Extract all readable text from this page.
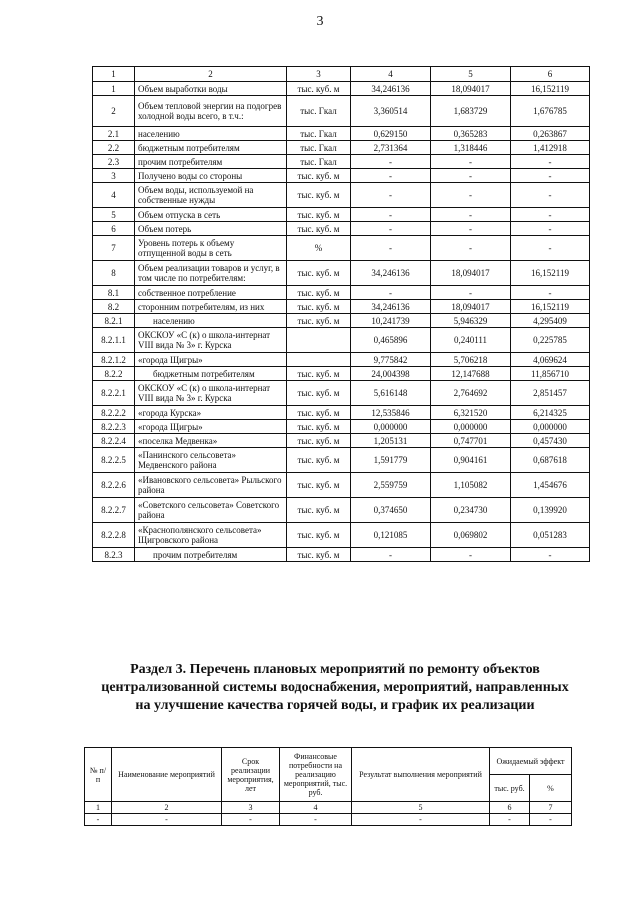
3
1	2	3	4	5	6
1	Объем выработки воды	тыс. куб. м	34,246136	18,094017	16,152119
2	Объем тепловой энергии на подогрев холодной воды всего, в т.ч.:	тыс. Гкал	3,360514	1,683729	1,676785
2.1	населению	тыс. Гкал	0,629150	0,365283	0,263867
2.2	бюджетным потребителям	тыс. Гкал	2,731364	1,318446	1,412918
2.3	прочим потребителям	тыс. Гкал	-	-	-
3	Получено воды со стороны	тыс. куб. м	-	-	-
4	Объем воды, используемой на собственные нужды	тыс. куб. м	-	-	-
5	Объем отпуска в сеть	тыс. куб. м	-	-	-
6	Объем потерь	тыс. куб. м	-	-	-
7	Уровень потерь к объему отпущенной воды в сеть	%	-	-	-
8	Объем реализации товаров и услуг, в том числе по потребителям:	тыс. куб. м	34,246136	18,094017	16,152119
8.1	собственное потребление	тыс. куб. м	-	-	-
8.2	сторонним потребителям, из них	тыс. куб. м	34,246136	18,094017	16,152119
8.2.1	населению	тыс. куб. м	10,241739	5,946329	4,295409
8.2.1.1	ОКСКОУ «С (к) о школа-интернат VIII вида № 3» г. Курска		0,465896	0,240111	0,225785
8.2.1.2	«города Щигры»		9,775842	5,706218	4,069624
8.2.2	бюджетным потребителям	тыс. куб. м	24,004398	12,147688	11,856710
8.2.2.1	ОКСКОУ «С (к) о школа-интернат VIII вида № 3» г. Курска	тыс. куб. м	5,616148	2,764692	2,851457
8.2.2.2	«города Курска»	тыс. куб. м	12,535846	6,321520	6,214325
8.2.2.3	«города Щигры»	тыс. куб. м	0,000000	0,000000	0,000000
8.2.2.4	«поселка Медвенка»	тыс. куб. м	1,205131	0,747701	0,457430
8.2.2.5	«Панинского сельсовета» Медвенского района	тыс. куб. м	1,591779	0,904161	0,687618
8.2.2.6	«Ивановского сельсовета» Рыльского района	тыс. куб. м	2,559759	1,105082	1,454676
8.2.2.7	«Советского сельсовета» Советского района	тыс. куб. м	0,374650	0,234730	0,139920
8.2.2.8	«Краснополянского сельсовета» Щигровского района	тыс. куб. м	0,121085	0,069802	0,051283
8.2.3	прочим потребителям	тыс. куб. м	-	-	-
Раздел 3. Перечень плановых мероприятий по ремонту объектов централизованной системы водоснабжения, мероприятий, направленных на улучшение качества горячей воды, и график их реализации
№ п/п	Наименование мероприятий	Срок реализации мероприятия, лет	Финансовые потребности на реализацию мероприятий, тыс. руб.	Результат выполнения мероприятий	Ожидаемый эффект	
					тыс. руб.	%
1	2	3	4	5	6	7
-	-	-	-	-	-	-
